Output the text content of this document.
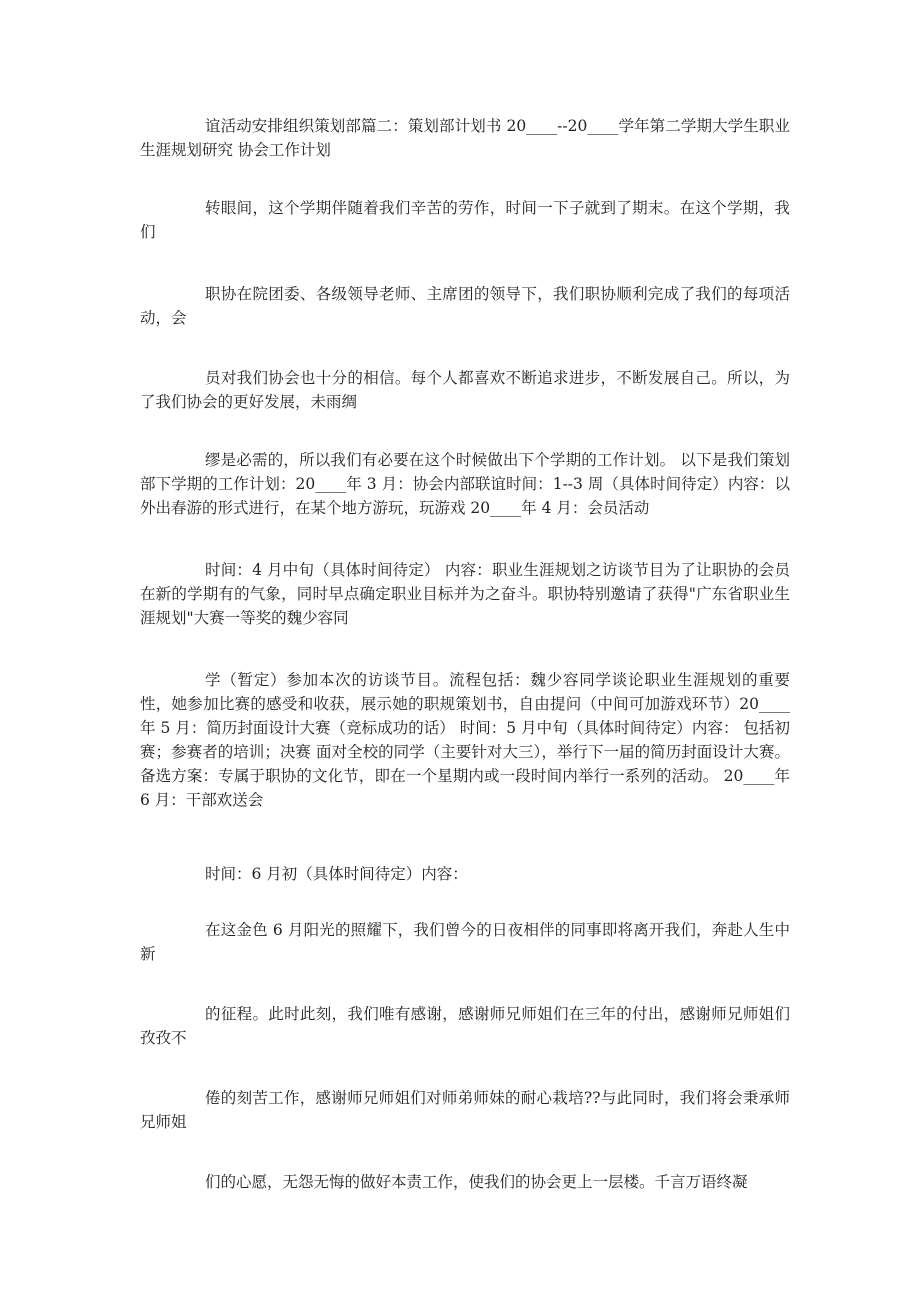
谊活动安排组织策划部篇二：策划部计划书 20____--20____学年第二学期大学生职业生涯规划研究 协会工作计划

转眼间，这个学期伴随着我们辛苦的劳作，时间一下子就到了期末。在这个学期，我们

职协在院团委、各级领导老师、主席团的领导下，我们职协顺利完成了我们的每项活动，会

员对我们协会也十分的相信。每个人都喜欢不断追求进步，不断发展自己。所以，为了我们协会的更好发展，未雨绸

缪是必需的，所以我们有必要在这个时候做出下个学期的工作计划。 以下是我们策划部下学期的工作计划：20____年 3 月：协会内部联谊时间：1--3 周（具体时间待定）内容：以外出春游的形式进行，在某个地方游玩，玩游戏 20____年 4 月：会员活动

时间：4 月中旬（具体时间待定） 内容：职业生涯规划之访谈节目为了让职协的会员在新的学期有的气象，同时早点确定职业目标并为之奋斗。职协特别邀请了获得"广东省职业生涯规划"大赛一等奖的魏少容同

学（暂定）参加本次的访谈节目。流程包括：魏少容同学谈论职业生涯规划的重要性，她参加比赛的感受和收获，展示她的职规策划书，自由提问（中间可加游戏环节）20____年 5 月：简历封面设计大赛（竞标成功的话） 时间：5 月中旬（具体时间待定）内容： 包括初赛；参赛者的培训；决赛 面对全校的同学（主要针对大三），举行下一届的简历封面设计大赛。备选方案：专属于职协的文化节，即在一个星期内或一段时间内举行一系列的活动。 20____年 6 月：干部欢送会

时间：6 月初（具体时间待定）内容：

在这金色 6 月阳光的照耀下，我们曾今的日夜相伴的同事即将离开我们，奔赴人生中新

的征程。此时此刻，我们唯有感谢，感谢师兄师姐们在三年的付出，感谢师兄师姐们孜孜不

倦的刻苦工作，感谢师兄师姐们对师弟师妹的耐心栽培??与此同时，我们将会秉承师兄师姐

们的心愿，无怨无悔的做好本责工作，使我们的协会更上一层楼。千言万语终凝
